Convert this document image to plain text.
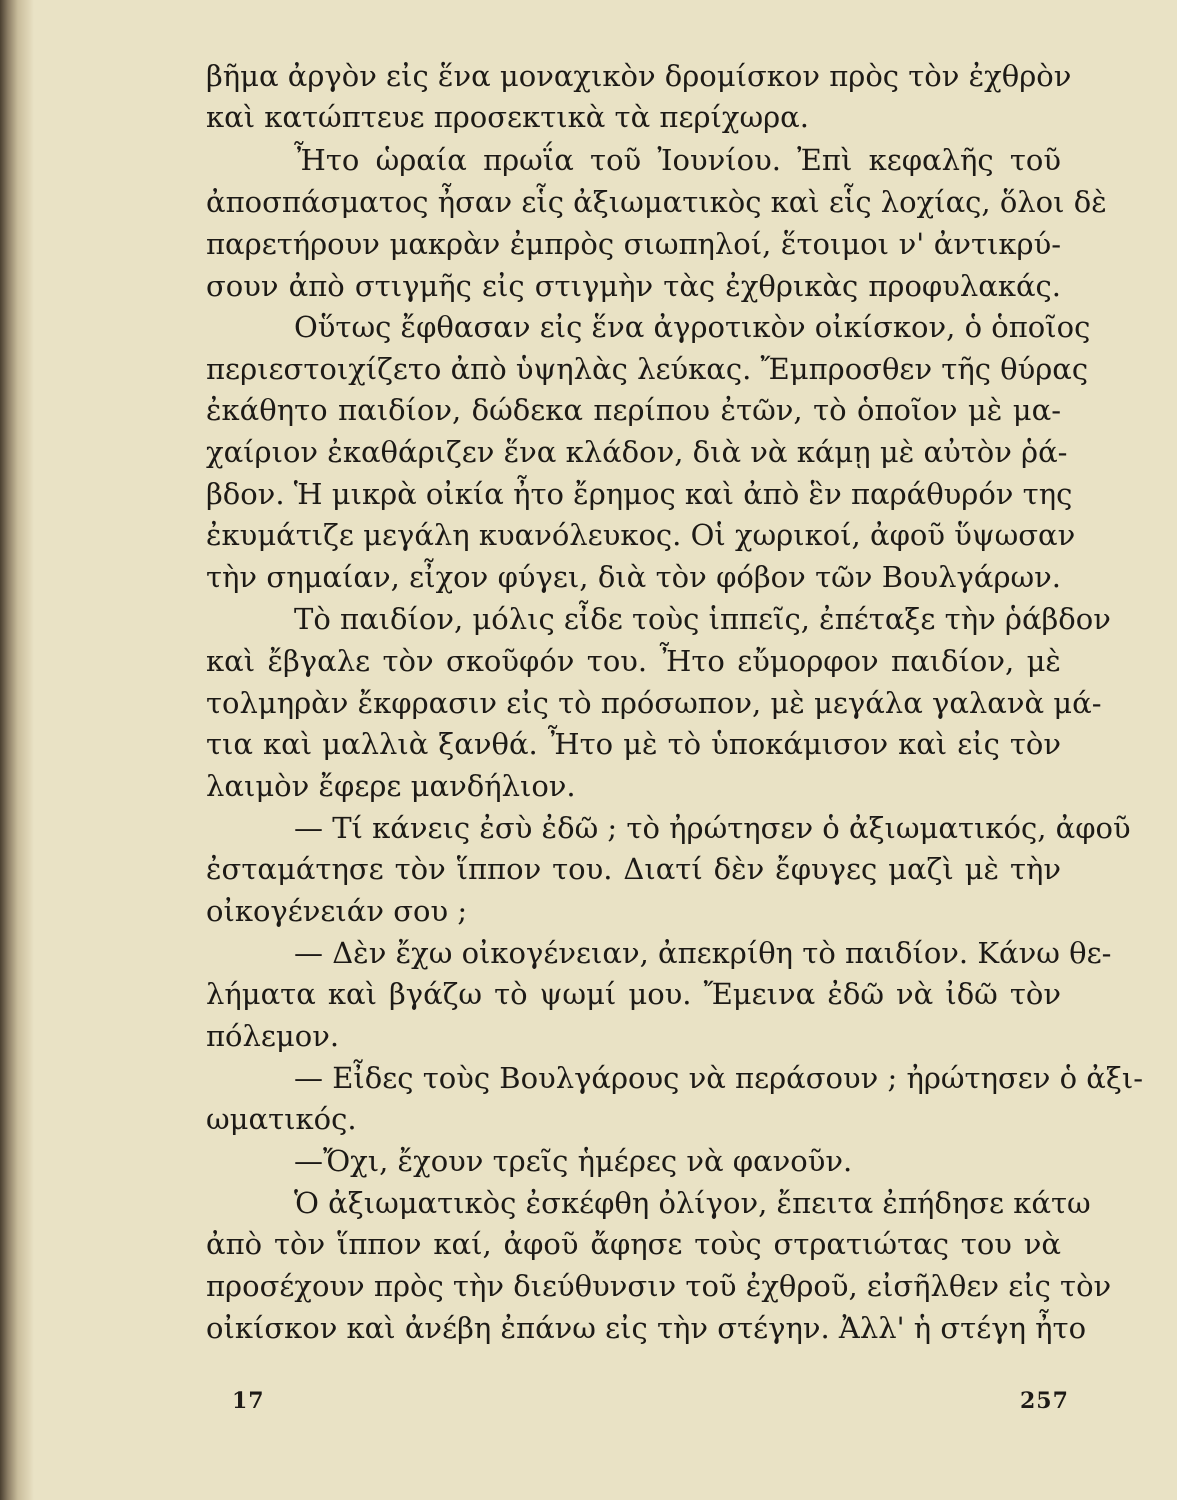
βῆμα ἀργὸν εἰς ἕνα μοναχικὸν δρομίσκον πρὸς τὸν ἐχθρὸν
καὶ κατώπτευε προσεκτικὰ τὰ περίχωρα.
Ἦτο ὡραία πρωΐα τοῦ Ἰουνίου. Ἐπὶ κεφαλῆς τοῦ
ἀποσπάσματος ἦσαν εἷς ἀξιωματικὸς καὶ εἷς λοχίας, ὅλοι δὲ
παρετήρουν μακρὰν ἐμπρὸς σιωπηλοί, ἕτοιμοι ν' ἀντικρύ-
σουν ἀπὸ στιγμῆς εἰς στιγμὴν τὰς ἐχθρικὰς προφυλακάς.
Οὕτως ἔφθασαν εἰς ἕνα ἀγροτικὸν οἰκίσκον, ὁ ὁποῖος
περιεστοιχίζετο ἀπὸ ὑψηλὰς λεύκας. Ἔμπροσθεν τῆς θύρας
ἐκάθητο παιδίον, δώδεκα περίπου ἐτῶν, τὸ ὁποῖον μὲ μα-
χαίριον ἐκαθάριζεν ἕνα κλάδον, διὰ νὰ κάμῃ μὲ αὐτὸν ῥά-
βδον. Ἡ μικρὰ οἰκία ἦτο ἔρημος καὶ ἀπὸ ἓν παράθυρόν της
ἐκυμάτιζε μεγάλη κυανόλευκος. Οἱ χωρικοί, ἀφοῦ ὕψωσαν
τὴν σημαίαν, εἶχον φύγει, διὰ τὸν φόβον τῶν Βουλγάρων.
Τὸ παιδίον, μόλις εἶδε τοὺς ἱππεῖς, ἐπέταξε τὴν ῥάβδον
καὶ ἔβγαλε τὸν σκοῦφόν του. Ἦτο εὔμορφον παιδίον, μὲ
τολμηρὰν ἔκφρασιν εἰς τὸ πρόσωπον, μὲ μεγάλα γαλανὰ μά-
τια καὶ μαλλιὰ ξανθά. Ἦτο μὲ τὸ ὑποκάμισον καὶ εἰς τὸν
λαιμὸν ἔφερε μανδήλιον.
— Τί κάνεις ἐσὺ ἐδῶ ; τὸ ἠρώτησεν ὁ ἀξιωματικός, ἀφοῦ
ἐσταμάτησε τὸν ἵππον του. Διατί δὲν ἔφυγες μαζὶ μὲ τὴν
οἰκογένειάν σου ;
— Δὲν ἔχω οἰκογένειαν, ἀπεκρίθη τὸ παιδίον. Κάνω θε-
λήματα καὶ βγάζω τὸ ψωμί μου. Ἔμεινα ἐδῶ νὰ ἰδῶ τὸν
πόλεμον.
— Εἶδες τοὺς Βουλγάρους νὰ περάσουν ; ἠρώτησεν ὁ ἀξι-
ωματικός.
—Ὄχι, ἔχουν τρεῖς ἡμέρες νὰ φανοῦν.
Ὁ ἀξιωματικὸς ἐσκέφθη ὀλίγον, ἔπειτα ἐπήδησε κάτω
ἀπὸ τὸν ἵππον καί, ἀφοῦ ἄφησε τοὺς στρατιώτας του νὰ
προσέχουν πρὸς τὴν διεύθυνσιν τοῦ ἐχθροῦ, εἰσῆλθεν εἰς τὸν
οἰκίσκον καὶ ἀνέβη ἐπάνω εἰς τὴν στέγην. Ἀλλ' ἡ στέγη ἦτο
17	257
